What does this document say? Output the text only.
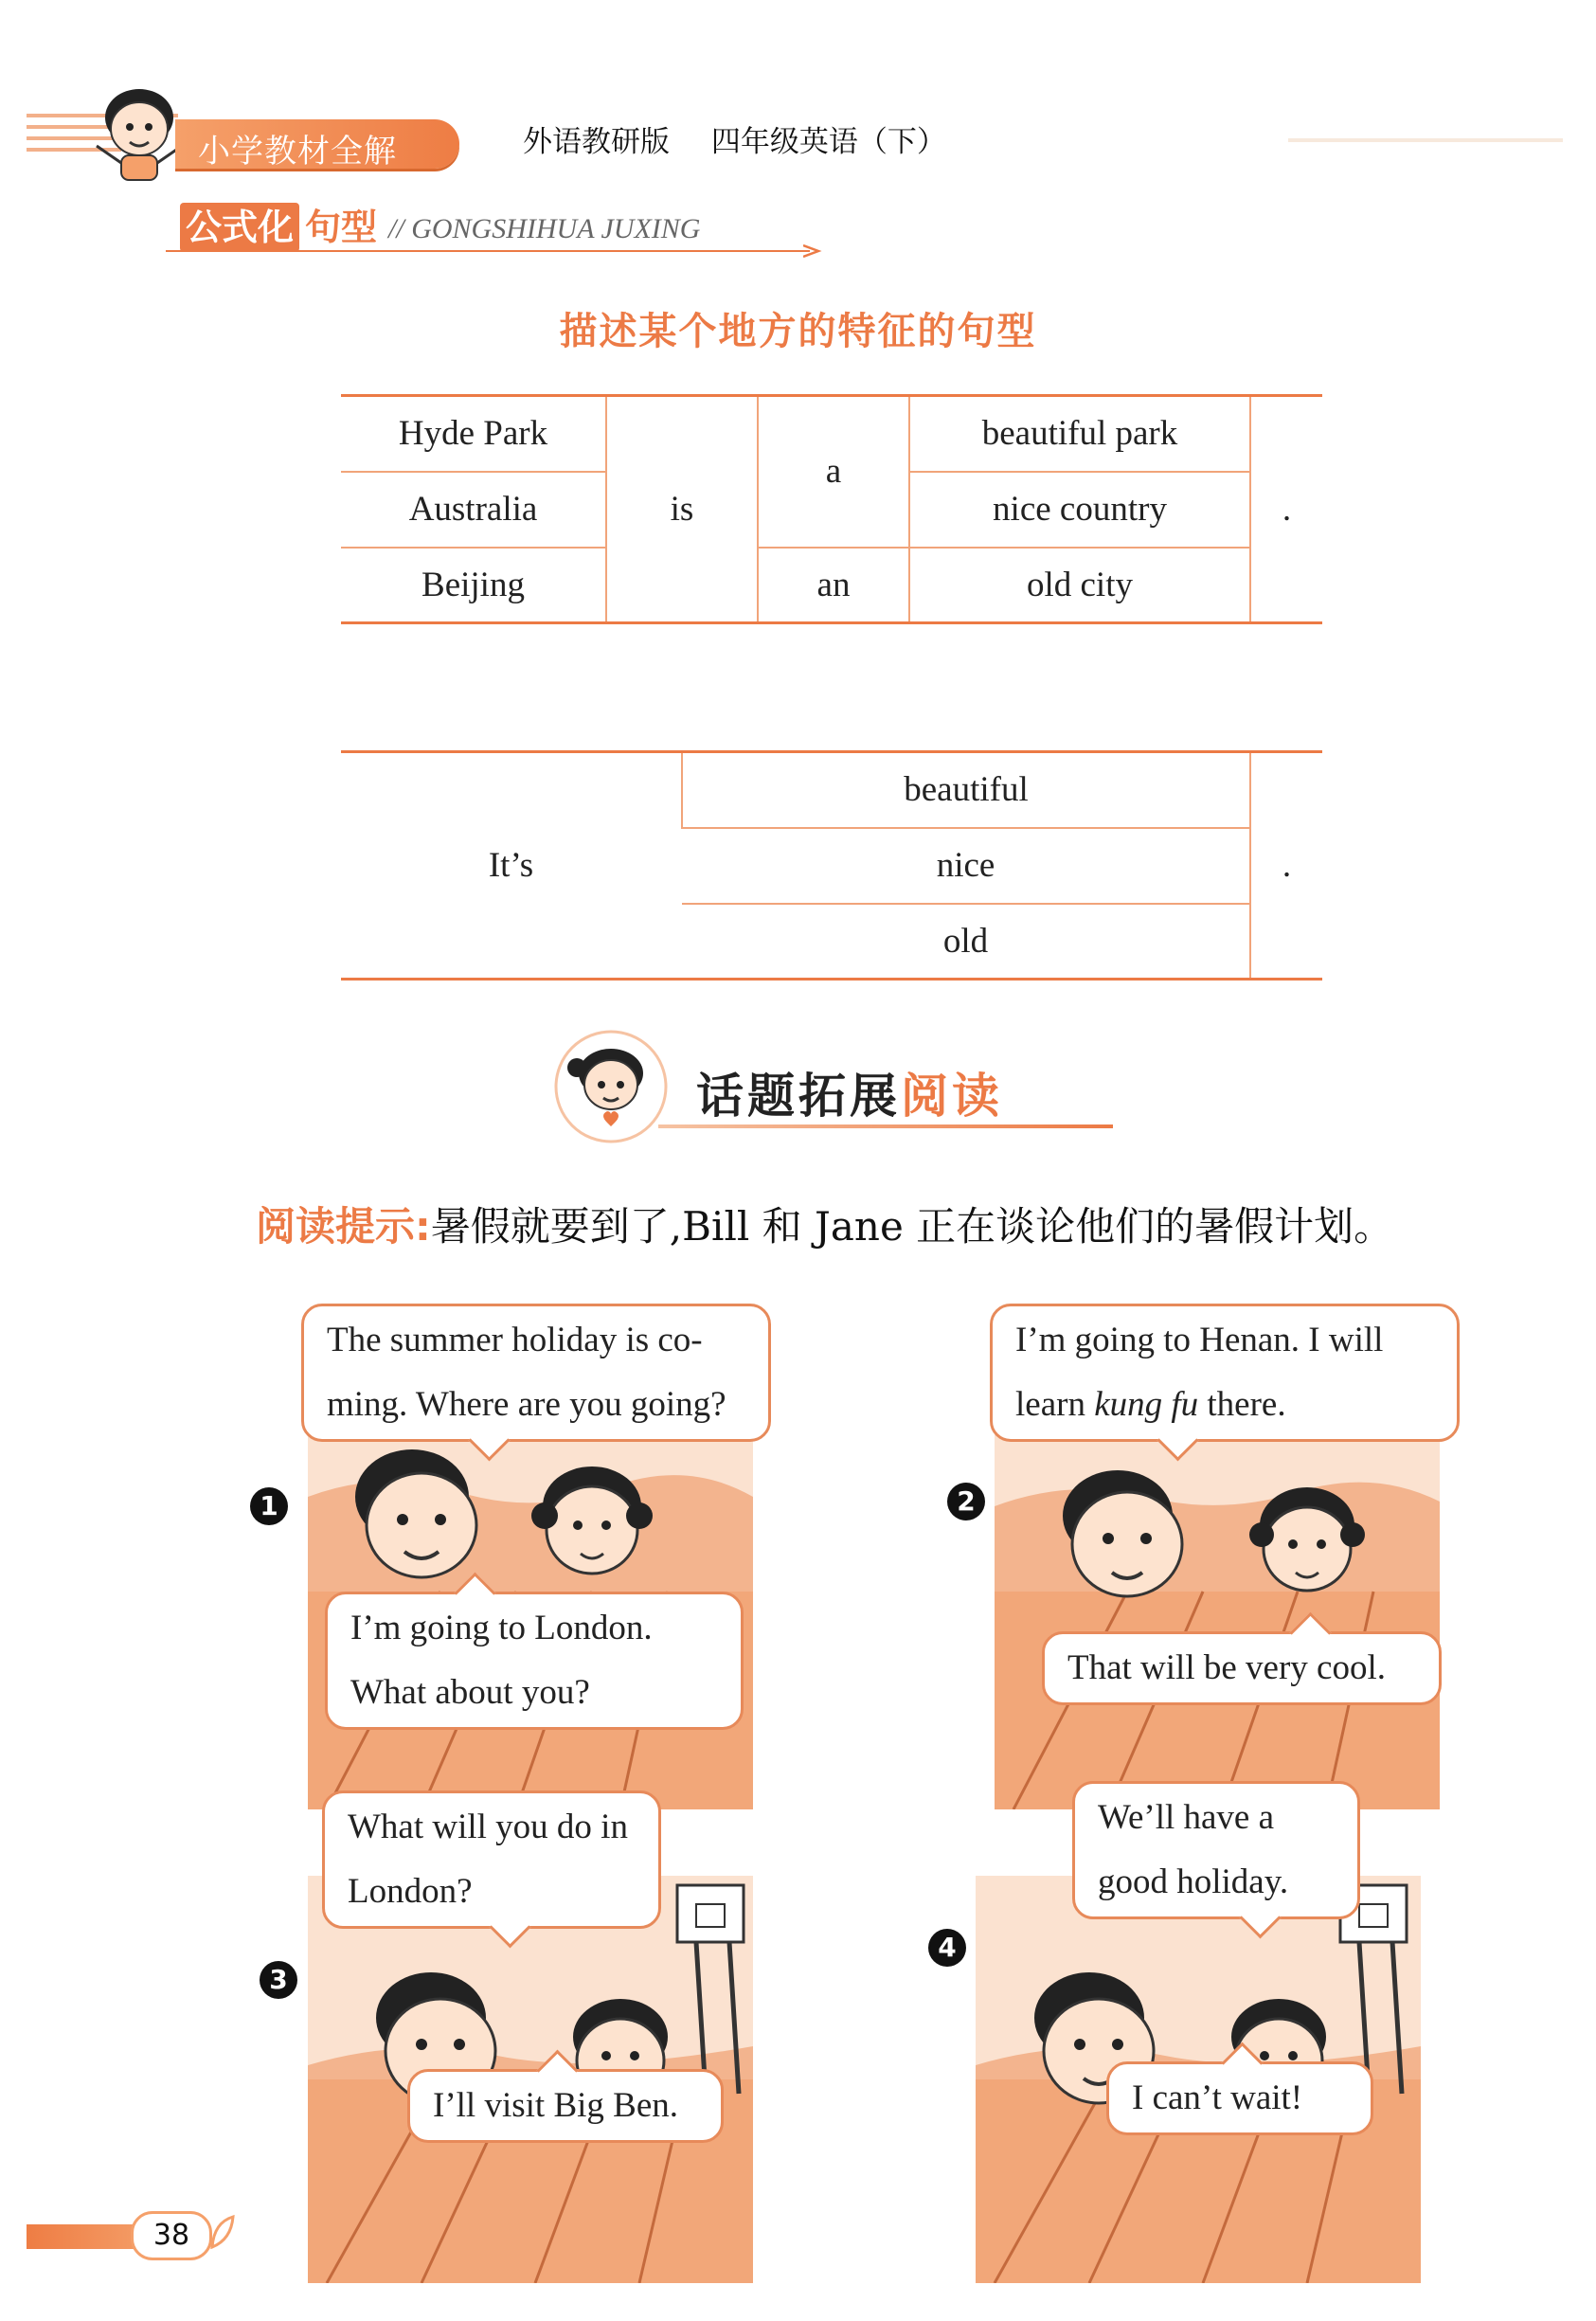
小学教材全解	外语教研版 四年级英语（下）
公式化 句型 // GONGSHIHUA JUXING
描述某个地方的特征的句型
Hyde Park	is	a	beautiful park	.
Australia			nice country	
Beijing		an	old city	
It’s	beautiful	.
nice
old
话题拓展阅读
阅读提示:暑假就要到了,Bill 和 Jane 正在谈论他们的暑假计划。
1
The summer holiday is co-
ming. Where are you going?
I’m going to London.
What about you?
2
I’m going to Henan. I will
learn kung fu there.
That will be very cool.
3
What will you do in
London?
I’ll visit Big Ben.
4
We’ll have a
good holiday.
I can’t wait!
38
